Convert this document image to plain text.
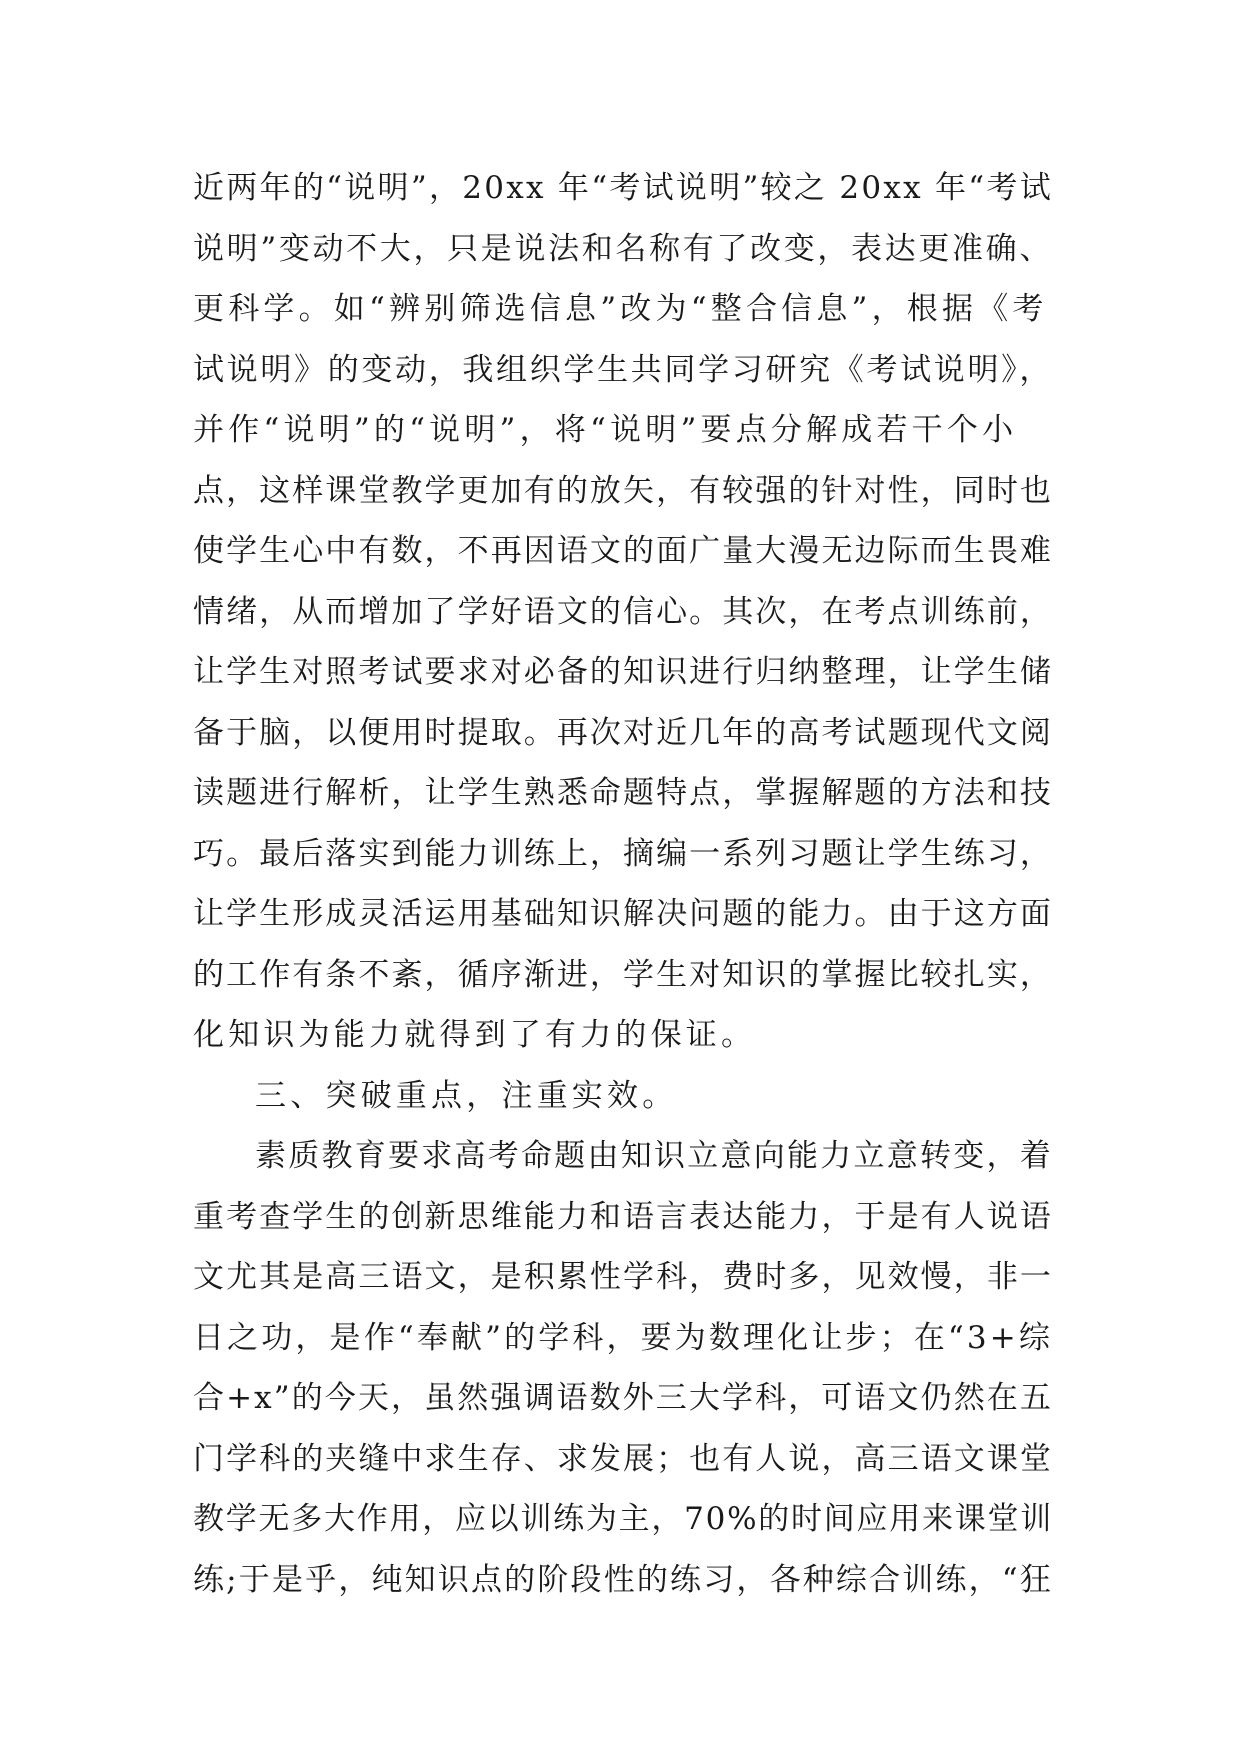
近两年的“说明”，20xx 年“考试说明”较之 20xx 年“考试
说明”变动不大，只是说法和名称有了改变，表达更准确、
更科学。如“辨别筛选信息”改为“整合信息”，根据《考
试说明》的变动，我组织学生共同学习研究《考试说明》，
并作“说明”的“说明”，将“说明”要点分解成若干个小
点，这样课堂教学更加有的放矢，有较强的针对性，同时也
使学生心中有数，不再因语文的面广量大漫无边际而生畏难
情绪，从而增加了学好语文的信心。其次，在考点训练前，
让学生对照考试要求对必备的知识进行归纳整理，让学生储
备于脑，以便用时提取。再次对近几年的高考试题现代文阅
读题进行解析，让学生熟悉命题特点，掌握解题的方法和技
巧。最后落实到能力训练上，摘编一系列习题让学生练习，
让学生形成灵活运用基础知识解决问题的能力。由于这方面
的工作有条不紊，循序渐进，学生对知识的掌握比较扎实，
化知识为能力就得到了有力的保证。
三、突破重点，注重实效。
素质教育要求高考命题由知识立意向能力立意转变，着
重考查学生的创新思维能力和语言表达能力，于是有人说语
文尤其是高三语文，是积累性学科，费时多，见效慢，非一
日之功，是作“奉献”的学科，要为数理化让步；在“3+综
合+x”的今天，虽然强调语数外三大学科，可语文仍然在五
门学科的夹缝中求生存、求发展；也有人说，高三语文课堂
教学无多大作用，应以训练为主，70%的时间应用来课堂训
练;于是乎，纯知识点的阶段性的练习，各种综合训练，“狂
